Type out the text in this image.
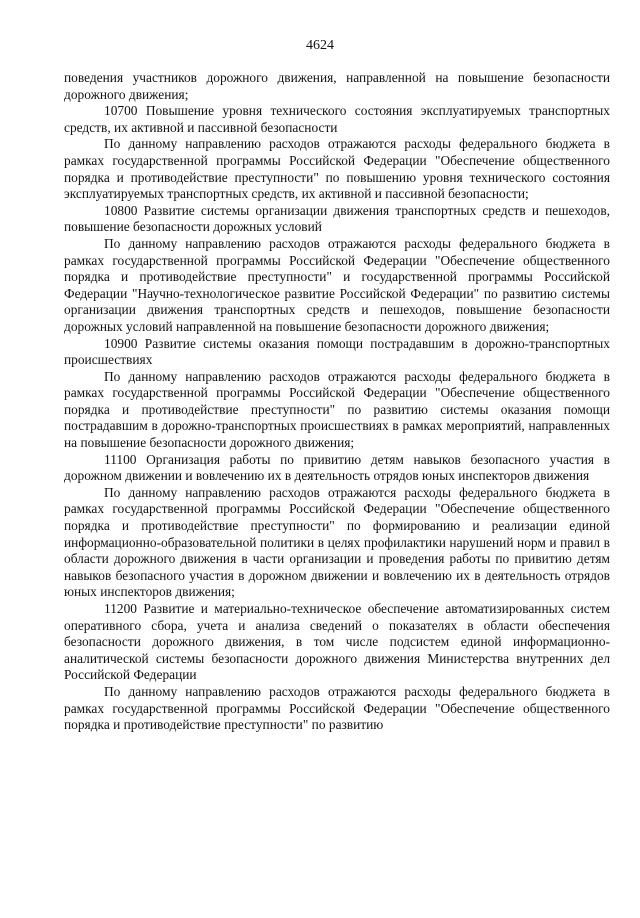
4624

поведения участников дорожного движения, направленной на повышение безопасности дорожного движения;

10700 Повышение уровня технического состояния эксплуатируемых транспортных средств, их активной и пассивной безопасности

По данному направлению расходов отражаются расходы федерального бюджета в рамках государственной программы Российской Федерации "Обеспечение общественного порядка и противодействие преступности" по повышению уровня технического состояния эксплуатируемых транспортных средств, их активной и пассивной безопасности;

10800 Развитие системы организации движения транспортных средств и пешеходов, повышение безопасности дорожных условий

По данному направлению расходов отражаются расходы федерального бюджета в рамках государственной программы Российской Федерации "Обеспечение общественного порядка и противодействие преступности" и государственной программы Российской Федерации "Научно-технологическое развитие Российской Федерации" по развитию системы организации движения транспортных средств и пешеходов, повышение безопасности дорожных условий направленной на повышение безопасности дорожного движения;

10900 Развитие системы оказания помощи пострадавшим в дорожно-транспортных происшествиях

По данному направлению расходов отражаются расходы федерального бюджета в рамках государственной программы Российской Федерации "Обеспечение общественного порядка и противодействие преступности" по развитию системы оказания помощи пострадавшим в дорожно-транспортных происшествиях в рамках мероприятий, направленных на повышение безопасности дорожного движения;

11100 Организация работы по привитию детям навыков безопасного участия в дорожном движении и вовлечению их в деятельность отрядов юных инспекторов движения

По данному направлению расходов отражаются расходы федерального бюджета в рамках государственной программы Российской Федерации "Обеспечение общественного порядка и противодействие преступности" по формированию и реализации единой информационно-образовательной политики в целях профилактики нарушений норм и правил в области дорожного движения в части организации и проведения работы по привитию детям навыков безопасного участия в дорожном движении и вовлечению их в деятельность отрядов юных инспекторов движения;

11200 Развитие и материально-техническое обеспечение автоматизированных систем оперативного сбора, учета и анализа сведений о показателях в области обеспечения безопасности дорожного движения, в том числе подсистем единой информационно-аналитической системы безопасности дорожного движения Министерства внутренних дел Российской Федерации

По данному направлению расходов отражаются расходы федерального бюджета в рамках государственной программы Российской Федерации "Обеспечение общественного порядка и противодействие преступности" по развитию
